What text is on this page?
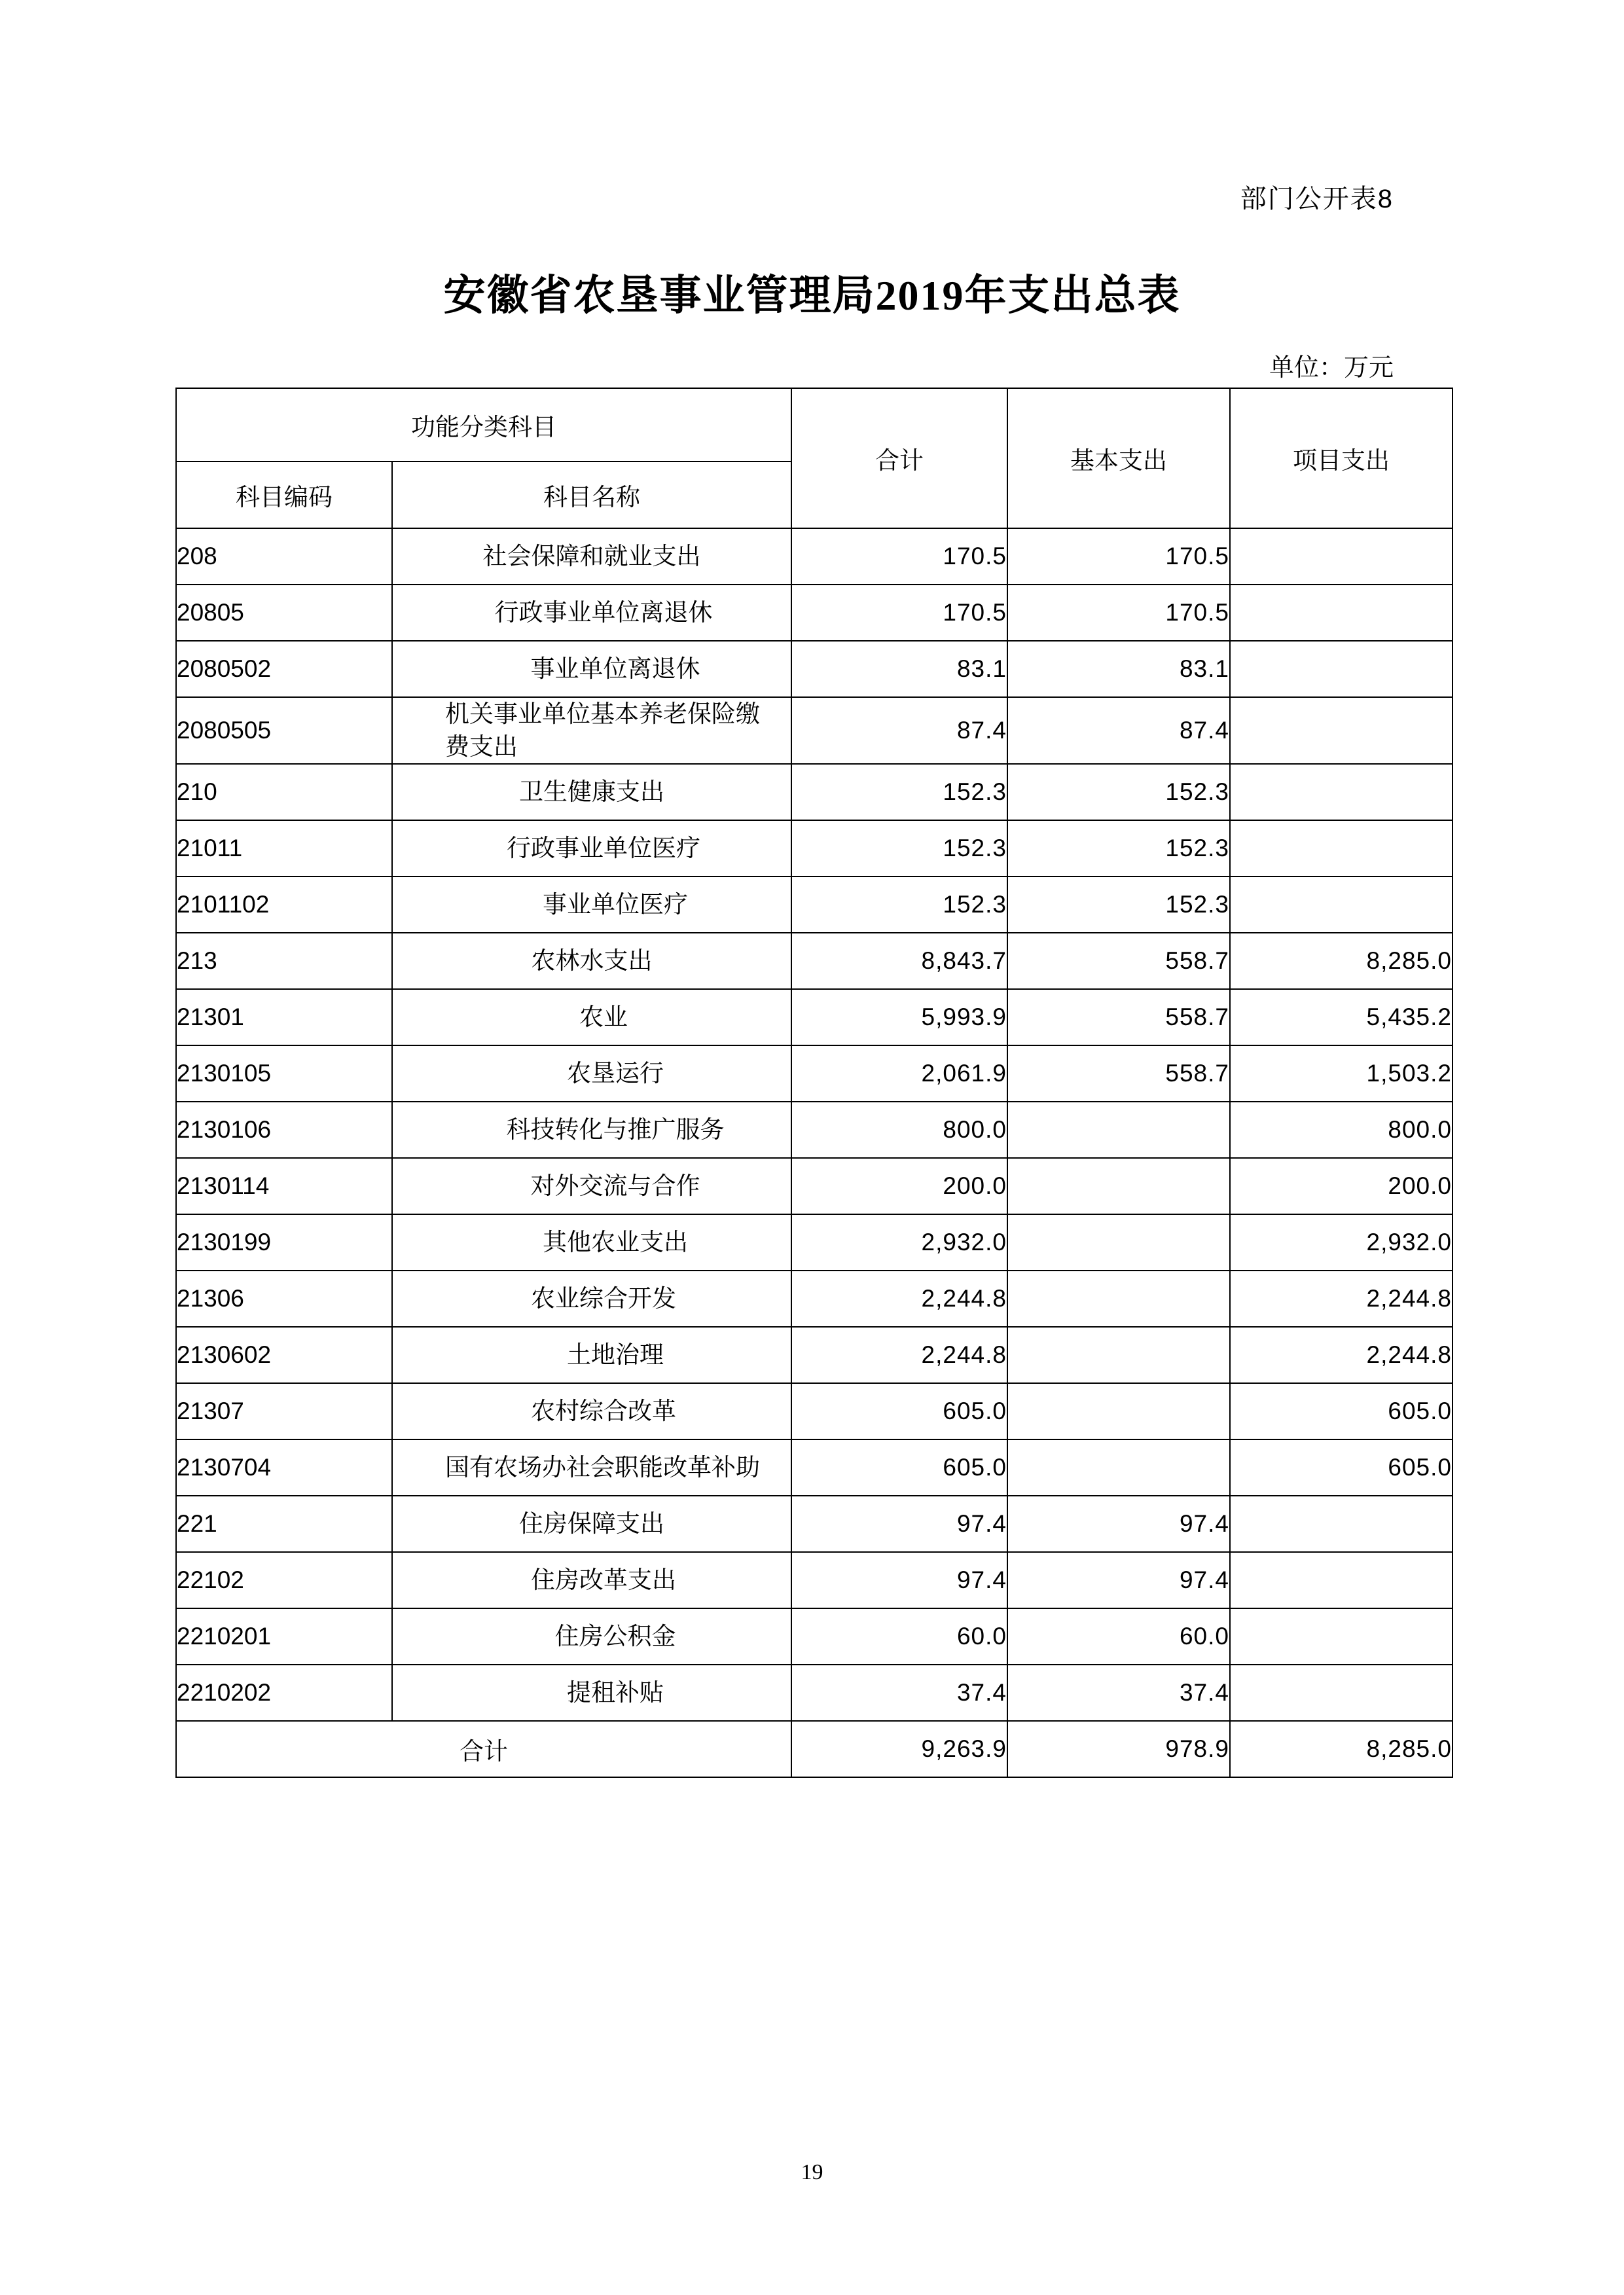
部门公开表8
安徽省农垦事业管理局2019年支出总表
单位：万元
功能分类科目		合计	基本支出	项目支出
科目编码	科目名称			
208	社会保障和就业支出	170.5	170.5	
20805	行政事业单位离退休	170.5	170.5	
2080502	事业单位离退休	83.1	83.1	
2080505	机关事业单位基本养老保险缴费支出	87.4	87.4	
210	卫生健康支出	152.3	152.3	
21011	行政事业单位医疗	152.3	152.3	
2101102	事业单位医疗	152.3	152.3	
213	农林水支出	8,843.7	558.7	8,285.0
21301	农业	5,993.9	558.7	5,435.2
2130105	农垦运行	2,061.9	558.7	1,503.2
2130106	科技转化与推广服务	800.0		800.0
2130114	对外交流与合作	200.0		200.0
2130199	其他农业支出	2,932.0		2,932.0
21306	农业综合开发	2,244.8		2,244.8
2130602	土地治理	2,244.8		2,244.8
21307	农村综合改革	605.0		605.0
2130704	国有农场办社会职能改革补助	605.0		605.0
221	住房保障支出	97.4	97.4	
22102	住房改革支出	97.4	97.4	
2210201	住房公积金	60.0	60.0	
2210202	提租补贴	37.4	37.4	
合计		9,263.9	978.9	8,285.0
19
